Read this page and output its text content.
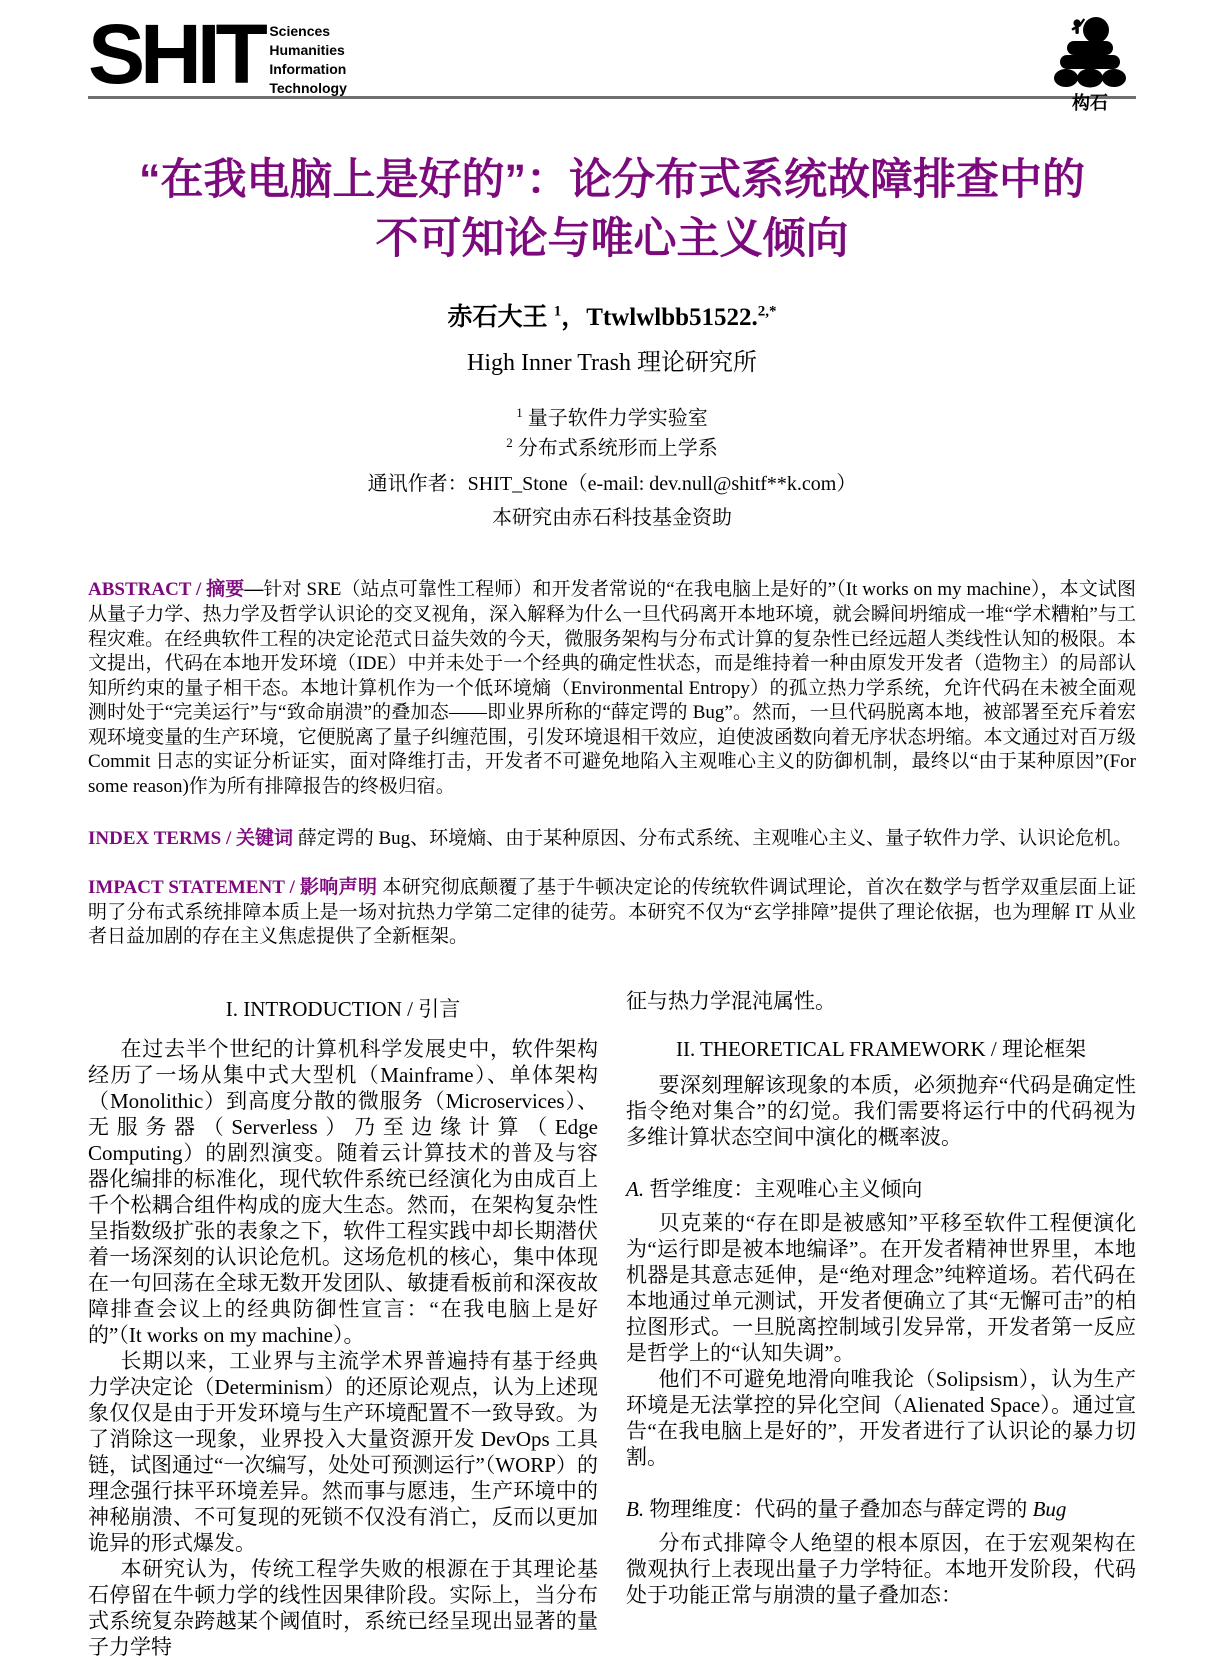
SHIT Sciences
Humanities
Information
Technology
构石
“在我电脑上是好的”：论分布式系统故障排查中的
不可知论与唯心主义倾向
赤石大王 $^1$，Ttwlwlbb51522.$^{2,*}$
High Inner Trash 理论研究所
$^1$ 量子软件力学实验室
$^2$ 分布式系统形而上学系
通讯作者：SHIT_Stone（e-mail: dev.null@shitf**k.com）
本研究由赤石科技基金资助

ABSTRACT / 摘要—针对 SRE（站点可靠性工程师）和开发者常说的“在我电脑上是好的”（It works on my machine），本文试图从量子力学、热力学及哲学认识论的交叉视角，深入解释为什么一旦代码离开本地环境，就会瞬间坍缩成一堆“学术糟粕”与工程灾难。在经典软件工程的决定论范式日益失效的今天，微服务架构与分布式计算的复杂性已经远超人类线性认知的极限。本文提出，代码在本地开发环境（IDE）中并未处于一个经典的确定性状态，而是维持着一种由原发开发者（造物主）的局部认知所约束的量子相干态。本地计算机作为一个低环境熵（Environmental Entropy）的孤立热力学系统，允许代码在未被全面观测时处于“完美运行”与“致命崩溃”的叠加态——即业界所称的“薛定谔的 Bug”。然而，一旦代码脱离本地，被部署至充斥着宏观环境变量的生产环境，它便脱离了量子纠缠范围，引发环境退相干效应，迫使波函数向着无序状态坍缩。本文通过对百万级 Commit 日志的实证分析证实，面对降维打击，开发者不可避免地陷入主观唯心主义的防御机制，最终以“由于某种原因”(For some reason)作为所有排障报告的终极归宿。

INDEX TERMS / 关键词 薛定谔的 Bug、环境熵、由于某种原因、分布式系统、主观唯心主义、量子软件力学、认识论危机。

IMPACT STATEMENT / 影响声明 本研究彻底颠覆了基于牛顿决定论的传统软件调试理论，首次在数学与哲学双重层面上证明了分布式系统排障本质上是一场对抗热力学第二定律的徒劳。本研究不仅为“玄学排障”提供了理论依据，也为理解 IT 从业者日益加剧的存在主义焦虑提供了全新框架。

I. INTRODUCTION / 引言

在过去半个世纪的计算机科学发展史中，软件架构经历了一场从集中式大型机（Mainframe）、单体架构（Monolithic）到高度分散的微服务（Microservices）、无服务器（Serverless）乃至边缘计算（Edge Computing）的剧烈演变。随着云计算技术的普及与容器化编排的标准化，现代软件系统已经演化为由成百上千个松耦合组件构成的庞大生态。然而，在架构复杂性呈指数级扩张的表象之下，软件工程实践中却长期潜伏着一场深刻的认识论危机。这场危机的核心，集中体现在一句回荡在全球无数开发团队、敏捷看板前和深夜故障排查会议上的经典防御性宣言：“在我电脑上是好的”（It works on my machine）。

长期以来，工业界与主流学术界普遍持有基于经典力学决定论（Determinism）的还原论观点，认为上述现象仅仅是由于开发环境与生产环境配置不一致导致。为了消除这一现象，业界投入大量资源开发 DevOps 工具链，试图通过“一次编写，处处可预测运行”（WORP）的理念强行抹平环境差异。然而事与愿违，生产环境中的神秘崩溃、不可复现的死锁不仅没有消亡，反而以更加诡异的形式爆发。

本研究认为，传统工程学失败的根源在于其理论基石停留在牛顿力学的线性因果律阶段。实际上，当分布式系统复杂跨越某个阈值时，系统已经呈现出显著的量子力学特

征与热力学混沌属性。

II. THEORETICAL FRAMEWORK / 理论框架

要深刻理解该现象的本质，必须抛弃“代码是确定性指令绝对集合”的幻觉。我们需要将运行中的代码视为多维计算状态空间中演化的概率波。

A. 哲学维度：主观唯心主义倾向

贝克莱的“存在即是被感知”平移至软件工程便演化为“运行即是被本地编译”。在开发者精神世界里，本地机器是其意志延伸，是“绝对理念”纯粹道场。若代码在本地通过单元测试，开发者便确立了其“无懈可击”的柏拉图形式。一旦脱离控制域引发异常，开发者第一反应是哲学上的“认知失调”。

他们不可避免地滑向唯我论（Solipsism），认为生产环境是无法掌控的异化空间（Alienated Space）。通过宣告“在我电脑上是好的”，开发者进行了认识论的暴力切割。

B. 物理维度：代码的量子叠加态与薛定谔的 Bug

分布式排障令人绝望的根本原因，在于宏观架构在微观执行上表现出量子力学特征。本地开发阶段，代码处于功能正常与崩溃的量子叠加态：
